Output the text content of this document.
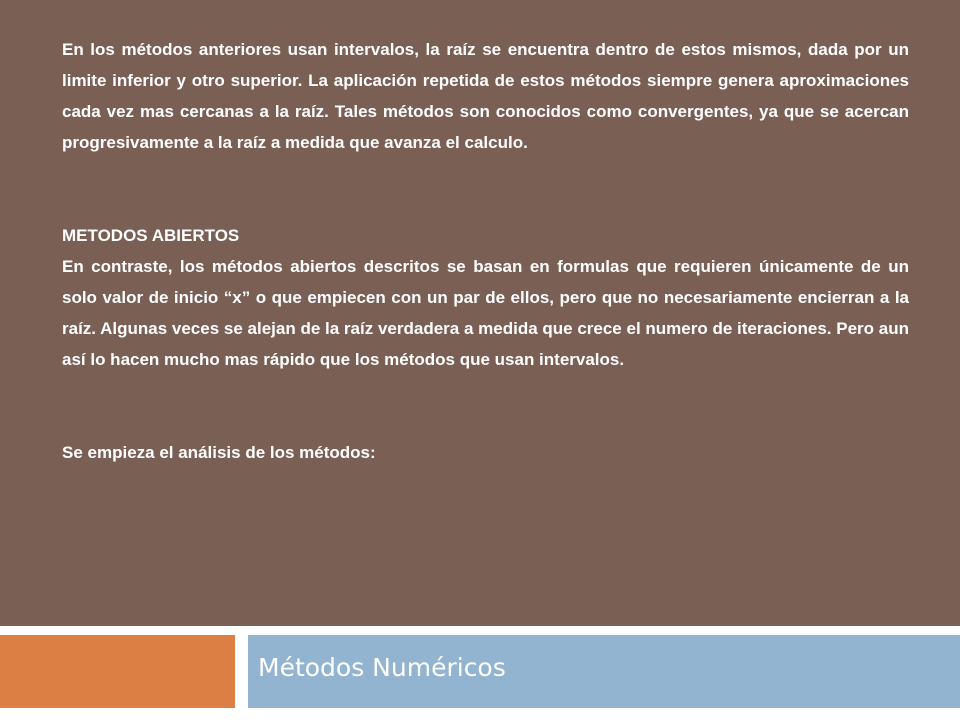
En los métodos anteriores usan intervalos, la raíz se encuentra dentro de estos mismos, dada por un limite inferior y otro superior. La aplicación repetida de estos métodos siempre genera aproximaciones cada vez mas cercanas a la raíz. Tales métodos son conocidos como convergentes, ya que se acercan progresivamente a la raíz a medida que avanza el calculo.

METODOS ABIERTOS

En contraste, los métodos abiertos descritos se basan en formulas que requieren únicamente de un solo valor de inicio “x” o que empiecen con un par de ellos, pero que no necesariamente encierran a la raíz. Algunas veces se alejan de la raíz verdadera a medida que crece el numero de iteraciones. Pero aun así lo hacen mucho mas rápido que los métodos que usan intervalos.

Se empieza el análisis de los métodos:

Métodos Numéricos
